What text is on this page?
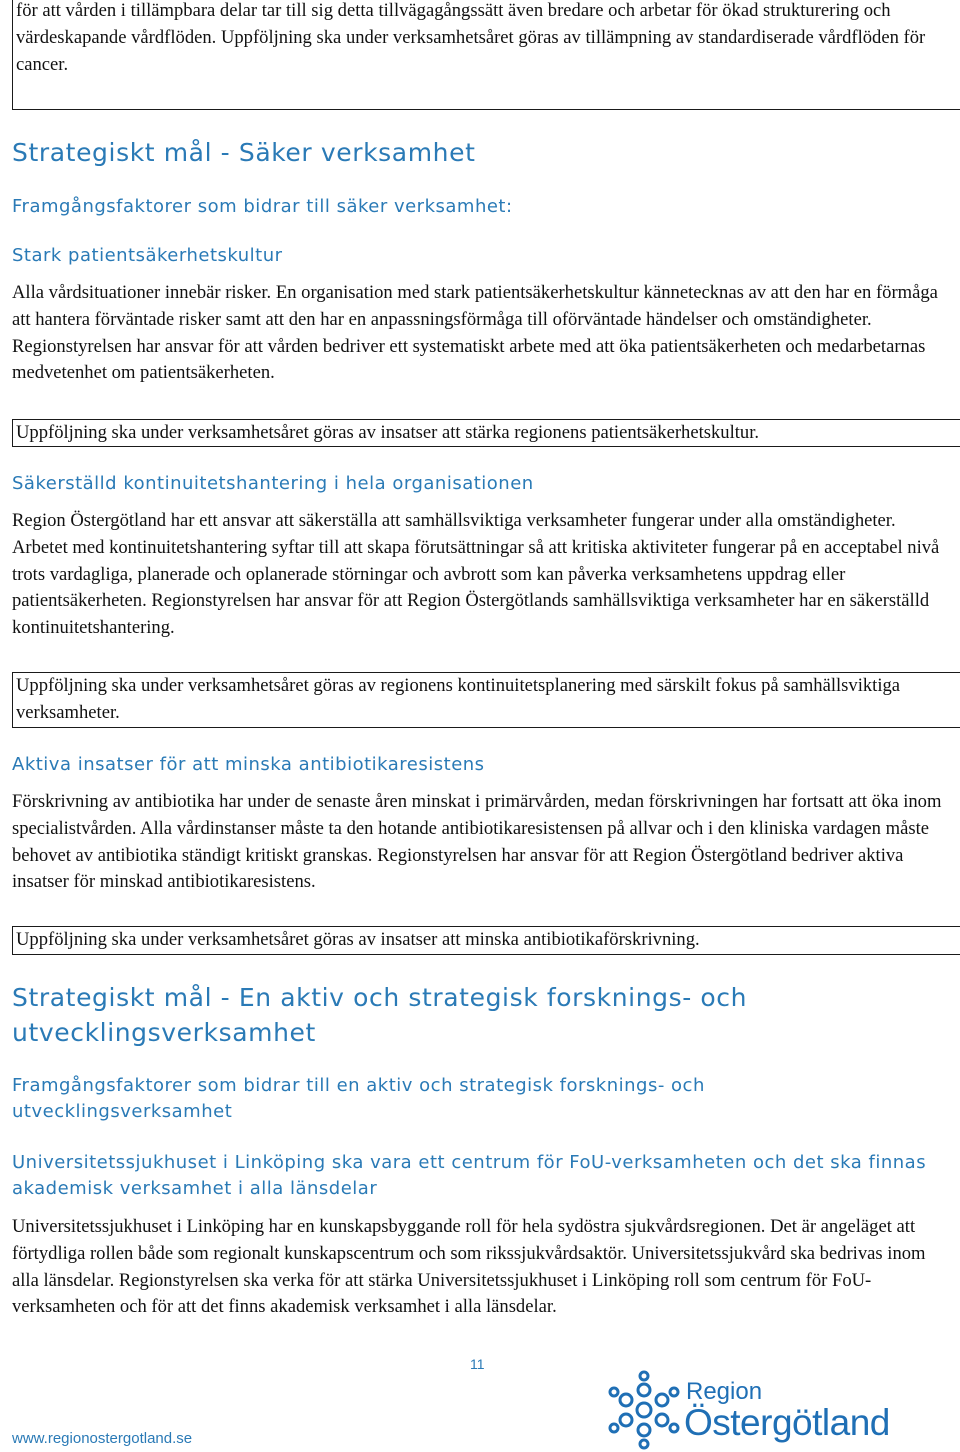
för att vården i tillämpbara delar tar till sig detta tillvägagångssätt även bredare och arbetar för ökad strukturering och värdeskapande vårdflöden. Uppföljning ska under verksamhetsåret göras av tillämpning av standardiserade vårdflöden för cancer.

Strategiskt mål - Säker verksamhet
Framgångsfaktorer som bidrar till säker verksamhet:
Stark patientsäkerhetskultur

Alla vårdsituationer innebär risker. En organisation med stark patientsäkerhetskultur kännetecknas av att den har en förmåga att hantera förväntade risker samt att den har en anpassningsförmåga till oförväntade händelser och omständigheter. Regionstyrelsen har ansvar för att vården bedriver ett systematiskt arbete med att öka patientsäkerheten och medarbetarnas medvetenhet om patientsäkerheten.

Uppföljning ska under verksamhetsåret göras av insatser att stärka regionens patientsäkerhetskultur.

Säkerställd kontinuitetshantering i hela organisationen

Region Östergötland har ett ansvar att säkerställa att samhällsviktiga verksamheter fungerar under alla omständigheter. Arbetet med kontinuitetshantering syftar till att skapa förutsättningar så att kritiska aktiviteter fungerar på en acceptabel nivå trots vardagliga, planerade och oplanerade störningar och avbrott som kan påverka verksamhetens uppdrag eller patientsäkerheten. Regionstyrelsen har ansvar för att Region Östergötlands samhällsviktiga verksamheter har en säkerställd kontinuitetshantering.

Uppföljning ska under verksamhetsåret göras av regionens kontinuitetsplanering med särskilt fokus på samhällsviktiga verksamheter.

Aktiva insatser för att minska antibiotikaresistens

Förskrivning av antibiotika har under de senaste åren minskat i primärvården, medan förskrivningen har fortsatt att öka inom specialistvården. Alla vårdinstanser måste ta den hotande antibiotikaresistensen på allvar och i den kliniska vardagen måste behovet av antibiotika ständigt kritiskt granskas. Regionstyrelsen har ansvar för att Region Östergötland bedriver aktiva insatser för minskad antibiotikaresistens.

Uppföljning ska under verksamhetsåret göras av insatser att minska antibiotikaförskrivning.

Strategiskt mål - En aktiv och strategisk forsknings- och utvecklingsverksamhet
Framgångsfaktorer som bidrar till en aktiv och strategisk forsknings- och utvecklingsverksamhet
Universitetssjukhuset i Linköping ska vara ett centrum för FoU-verksamheten och det ska finnas akademisk verksamhet i alla länsdelar

Universitetssjukhuset i Linköping har en kunskapsbyggande roll för hela sydöstra sjukvårdsregionen. Det är angeläget att förtydliga rollen både som regionalt kunskapscentrum och som rikssjukvårdsaktör. Universitetssjukvård ska bedrivas inom alla länsdelar. Regionstyrelsen ska verka för att stärka Universitetssjukhuset i Linköping roll som centrum för FoU-verksamheten och för att det finns akademisk verksamhet i alla länsdelar.

11
www.regionostergotland.se
Region
Östergötland
